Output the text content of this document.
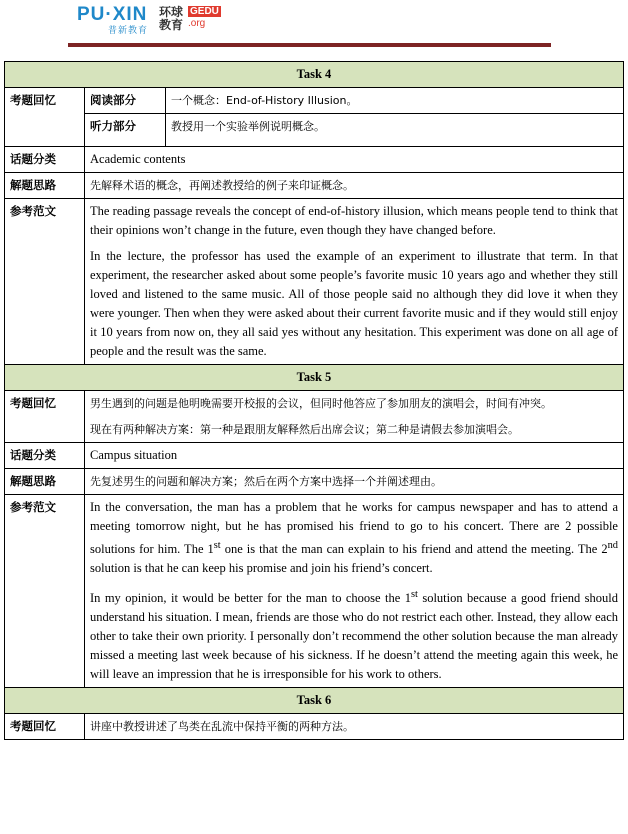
PU·XIN
普新教育
环球教育
GEDU
.org
Task 4		
考题回忆	阅读部分	一个概念：End-of-History Illusion。
	听力部分	教授用一个实验举例说明概念。
话题分类	Academic contents	
解题思路	先解释术语的概念，再阐述教授给的例子来印证概念。	
参考范文	The reading passage reveals the concept of end-of-history illusion, which means people tend to think that their opinions won’t change in the future, even though they have changed before.

In the lecture, the professor has used the example of an experiment to illustrate that term. In that experiment, the researcher asked about some people’s favorite music 10 years ago and whether they still loved and listened to the same music. All of those people said no although they did love it when they were younger. Then when they were asked about their current favorite music and if they would still enjoy it 10 years from now on, they all said yes without any hesitation. This experiment was done on all age of people and the result was the same.	

Task 5		
考题回忆	男生遇到的问题是他明晚需要开校报的会议，但同时他答应了参加朋友的演唱会，时间有冲突。

现在有两种解决方案：第一种是跟朋友解释然后出席会议；第二种是请假去参加演唱会。	

话题分类	Campus situation	
解题思路	先复述男生的问题和解决方案；然后在两个方案中选择一个并阐述理由。	
参考范文	In the conversation, the man has a problem that he works for campus newspaper and has to attend a meeting tomorrow night, but he has promised his friend to go to his concert. There are 2 possible solutions for him. The 1st one is that the man can explain to his friend and attend the meeting. The 2nd solution is that he can keep his promise and join his friend’s concert.

In my opinion, it would be better for the man to choose the 1st solution because a good friend should understand his situation. I mean, friends are those who do not restrict each other. Instead, they allow each other to take their own priority. I personally don’t recommend the other solution because the man already missed a meeting last week because of his sickness. If he doesn’t attend the meeting again this week, he will leave an impression that he is irresponsible for his work to others.	

Task 6		
考题回忆	讲座中教授讲述了鸟类在乱流中保持平衡的两种方法。	
